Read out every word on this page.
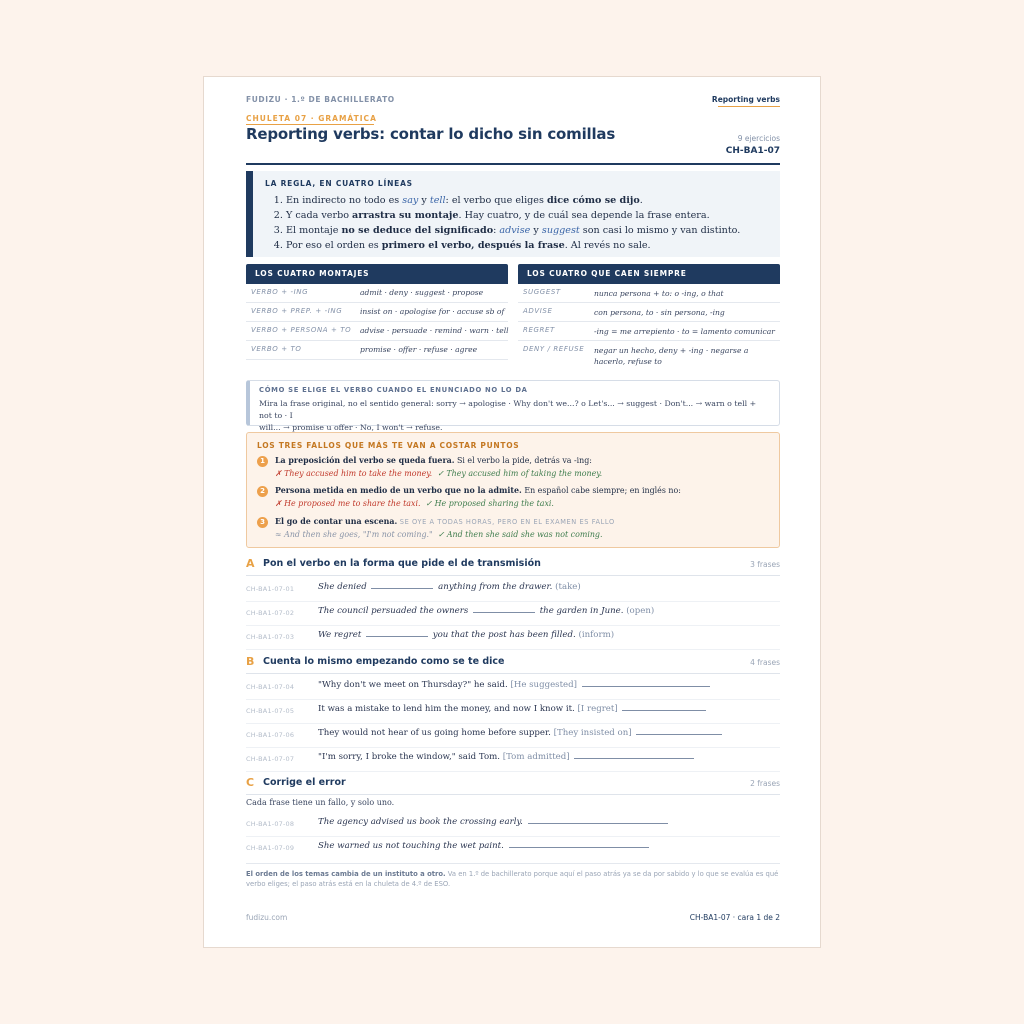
FUDIZU · 1.º DE BACHILLERATO	Reporting verbs
CHULETA 07 · GRAMÁTICA
Reporting verbs: contar lo dicho sin comillas	9 ejercicios
CH-BA1-07
LA REGLA, EN CUATRO LÍNEAS
1. En indirecto no todo es say y tell: el verbo que eliges dice cómo se dijo.
2. Y cada verbo arrastra su montaje. Hay cuatro, y de cuál sea depende la frase entera.
3. El montaje no se deduce del significado: advise y suggest son casi lo mismo y van distinto.
4. Por eso el orden es primero el verbo, después la frase. Al revés no sale.
LOS CUATRO MONTAJES
VERBO + -ING	admit · deny · suggest · propose
VERBO + PREP. + -ING insist on · apologise for · accuse sb of
VERBO + PERSONA + TO advise · persuade · remind · warn · tell
VERBO + TO	promise · offer · refuse · agree
LOS CUATRO QUE CAEN SIEMPRE
SUGGEST	nunca persona + to: o -ing, o that
ADVISE	con persona, to · sin persona, -ing
REGRET	-ing = me arrepiento · to = lamento comunicar
DENY / REFUSE negar un hecho, deny + -ing · negarse a hacerlo, refuse to
CÓMO SE ELIGE EL VERBO CUANDO EL ENUNCIADO NO LO DA

Mira la frase original, no el sentido general: sorry → apologise · Why don't we...? o Let's... → suggest · Don't... → warn o tell + not to · I
will... → promise u offer · No, I won't → refuse.

LOS TRES FALLOS QUE MÁS TE VAN A COSTAR PUNTOS
1	La preposición del verbo se queda fuera. Si el verbo la pide, detrás va -ing:
✗ They accused him to take the money. ✓ They accused him of taking the money.
2	Persona metida en medio de un verbo que no la admite. En español cabe siempre; en inglés no:
✗ He proposed me to share the taxi. ✓ He proposed sharing the taxi.
3	El go de contar una escena. SE OYE A TODAS HORAS, PERO EN EL EXAMEN ES FALLO
≈ And then she goes, "I'm not coming." ✓ And then she said she was not coming.
A Pon el verbo en la forma que pide el de transmisión	3 frases
CH-BA1-07-01	She denied	anything from the drawer. (take)
CH-BA1-07-02	The council persuaded the owners	the garden in June. (open)
CH-BA1-07-03	We regret	you that the post has been filled. (inform)
B Cuenta lo mismo empezando como se te dice	4 frases
CH-BA1-07-04	"Why don't we meet on Thursday?" he said. [He suggested]
CH-BA1-07-05	It was a mistake to lend him the money, and now I know it. [I regret]
CH-BA1-07-06	They would not hear of us going home before supper. [They insisted on]
CH-BA1-07-07	"I'm sorry, I broke the window," said Tom. [Tom admitted]
C Corrige el error	2 frases
Cada frase tiene un fallo, y solo uno.
CH-BA1-07-08	The agency advised us book the crossing early.
CH-BA1-07-09	She warned us not touching the wet paint.
El orden de los temas cambia de un instituto a otro. Va en 1.º de bachillerato porque aquí el paso atrás ya se da por sabido y lo que se evalúa es qué verbo eliges; el paso atrás está en la chuleta de 4.º de ESO.
fudizu.com	CH-BA1-07 · cara 1 de 2
